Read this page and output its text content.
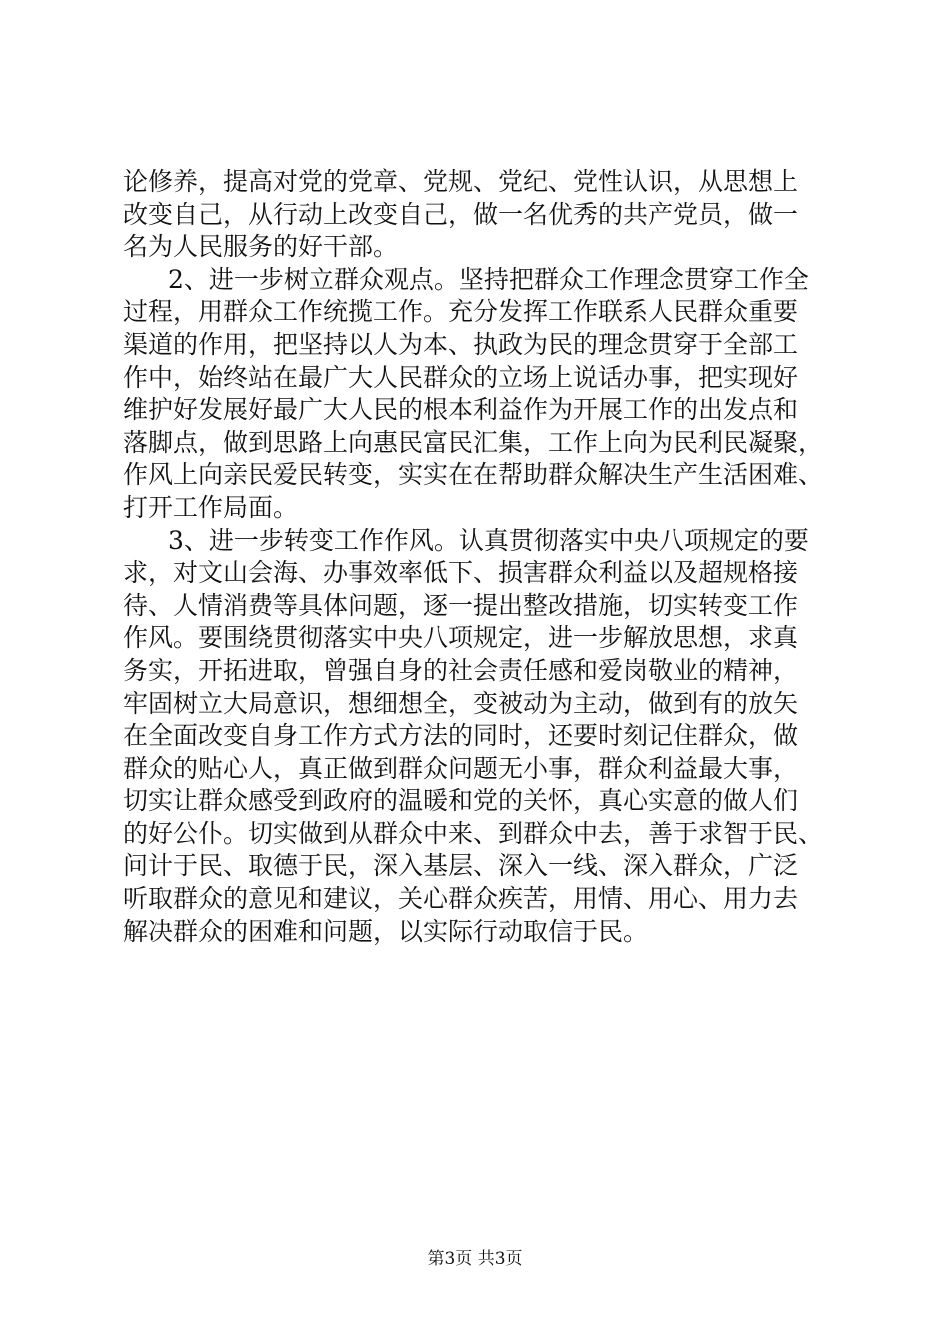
论修养，提高对党的党章、党规、党纪、党性认识，从思想上
改变自己，从行动上改变自己，做一名优秀的共产党员，做一
名为人民服务的好干部。
2、进一步树立群众观点。坚持把群众工作理念贯穿工作全
过程，用群众工作统揽工作。充分发挥工作联系人民群众重要
渠道的作用，把坚持以人为本、执政为民的理念贯穿于全部工
作中，始终站在最广大人民群众的立场上说话办事，把实现好
维护好发展好最广大人民的根本利益作为开展工作的出发点和
落脚点，做到思路上向惠民富民汇集，工作上向为民利民凝聚，
作风上向亲民爱民转变，实实在在帮助群众解决生产生活困难、
打开工作局面。
3、进一步转变工作作风。认真贯彻落实中央八项规定的要
求，对文山会海、办事效率低下、损害群众利益以及超规格接
待、人情消费等具体问题，逐一提出整改措施，切实转变工作
作风。要围绕贯彻落实中央八项规定，进一步解放思想，求真
务实，开拓进取，曾强自身的社会责任感和爱岗敬业的精神，
牢固树立大局意识，想细想全，变被动为主动，做到有的放矢
在全面改变自身工作方式方法的同时，还要时刻记住群众，做
群众的贴心人，真正做到群众问题无小事，群众利益最大事，
切实让群众感受到政府的温暖和党的关怀，真心实意的做人们
的好公仆。切实做到从群众中来、到群众中去，善于求智于民、
问计于民、取德于民，深入基层、深入一线、深入群众，广泛
听取群众的意见和建议，关心群众疾苦，用情、用心、用力去
解决群众的困难和问题，以实际行动取信于民。
第3页 共3页
